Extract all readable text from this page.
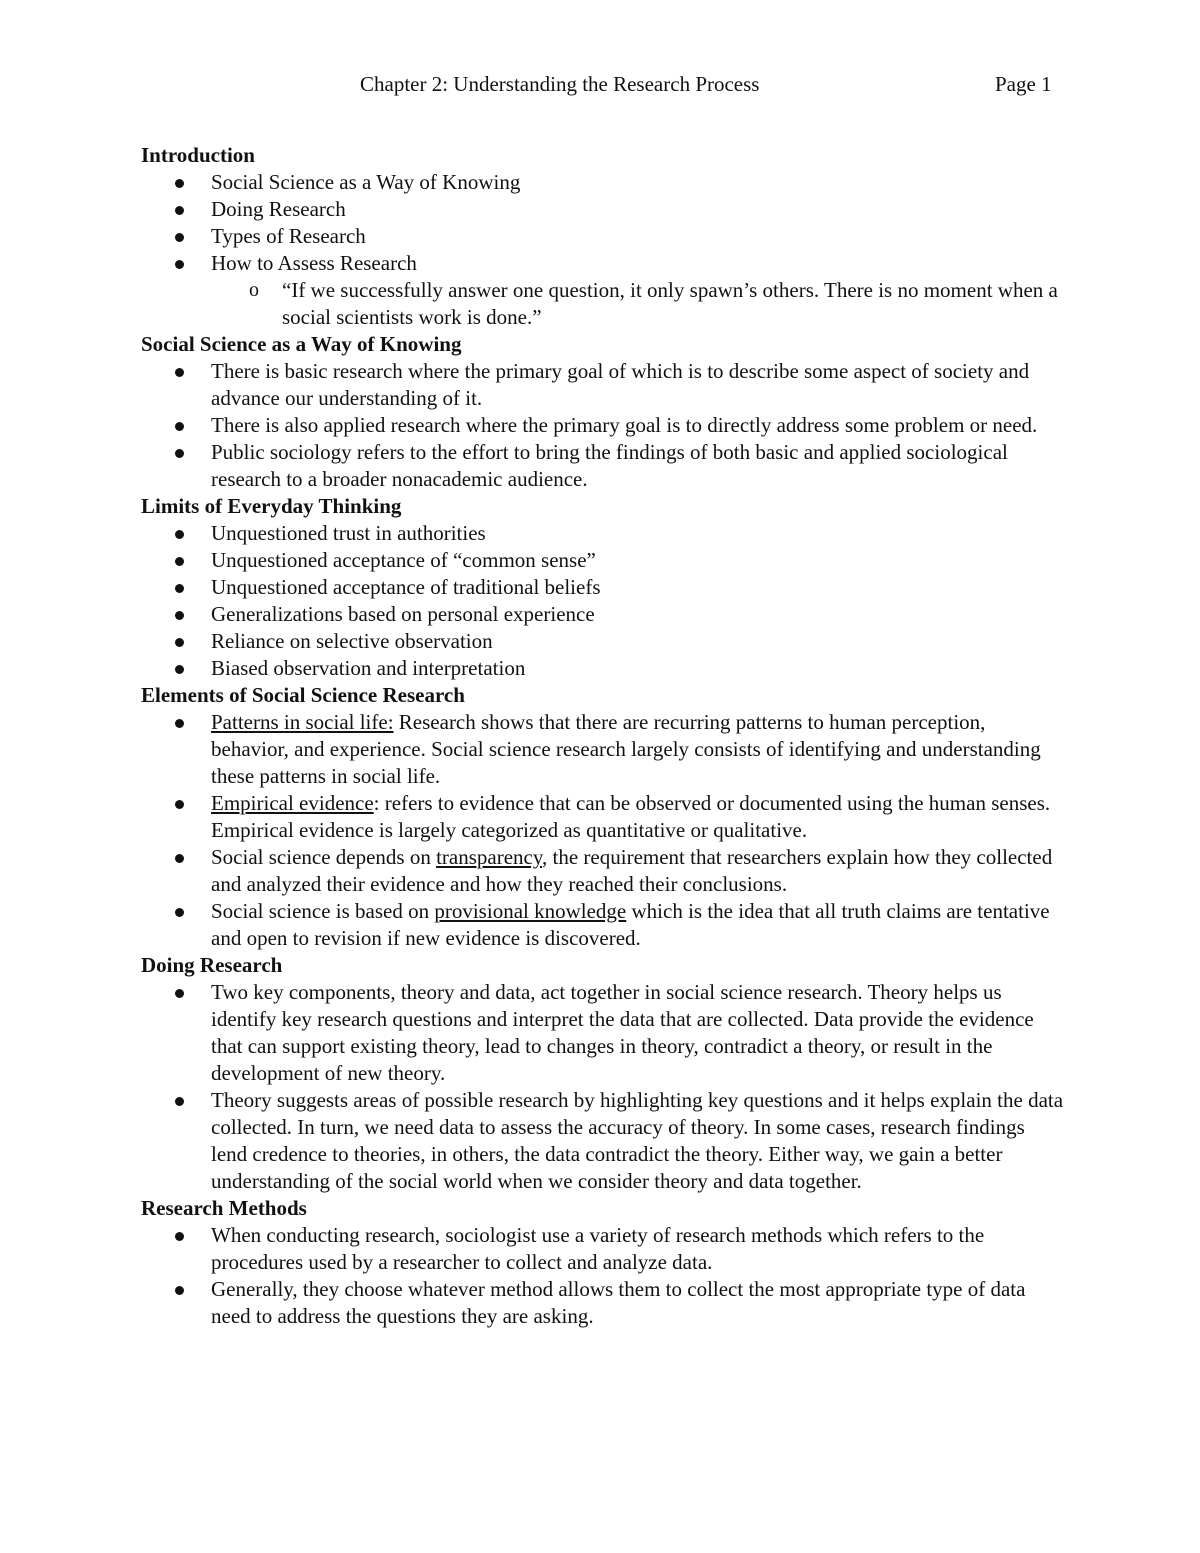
Chapter 2: Understanding the Research Process	Page 1
Introduction
Social Science as a Way of Knowing
Doing Research
Types of Research
How to Assess Research
o “If we successfully answer one question, it only spawn’s others. There is no moment when a social scientists work is done.”
Social Science as a Way of Knowing
There is basic research where the primary goal of which is to describe some aspect of society and advance our understanding of it.
There is also applied research where the primary goal is to directly address some problem or need.
Public sociology refers to the effort to bring the findings of both basic and applied sociological research to a broader nonacademic audience.
Limits of Everyday Thinking
Unquestioned trust in authorities
Unquestioned acceptance of “common sense”
Unquestioned acceptance of traditional beliefs
Generalizations based on personal experience
Reliance on selective observation
Biased observation and interpretation
Elements of Social Science Research
Patterns in social life: Research shows that there are recurring patterns to human perception, behavior, and experience. Social science research largely consists of identifying and understanding these patterns in social life.
Empirical evidence: refers to evidence that can be observed or documented using the human senses. Empirical evidence is largely categorized as quantitative or qualitative.
Social science depends on transparency, the requirement that researchers explain how they collected and analyzed their evidence and how they reached their conclusions.
Social science is based on provisional knowledge which is the idea that all truth claims are tentative and open to revision if new evidence is discovered.
Doing Research
Two key components, theory and data, act together in social science research. Theory helps us identify key research questions and interpret the data that are collected. Data provide the evidence that can support existing theory, lead to changes in theory, contradict a theory, or result in the development of new theory.
Theory suggests areas of possible research by highlighting key questions and it helps explain the data collected. In turn, we need data to assess the accuracy of theory. In some cases, research findings lend credence to theories, in others, the data contradict the theory. Either way, we gain a better understanding of the social world when we consider theory and data together.
Research Methods
When conducting research, sociologist use a variety of research methods which refers to the procedures used by a researcher to collect and analyze data.
Generally, they choose whatever method allows them to collect the most appropriate type of data need to address the questions they are asking.
